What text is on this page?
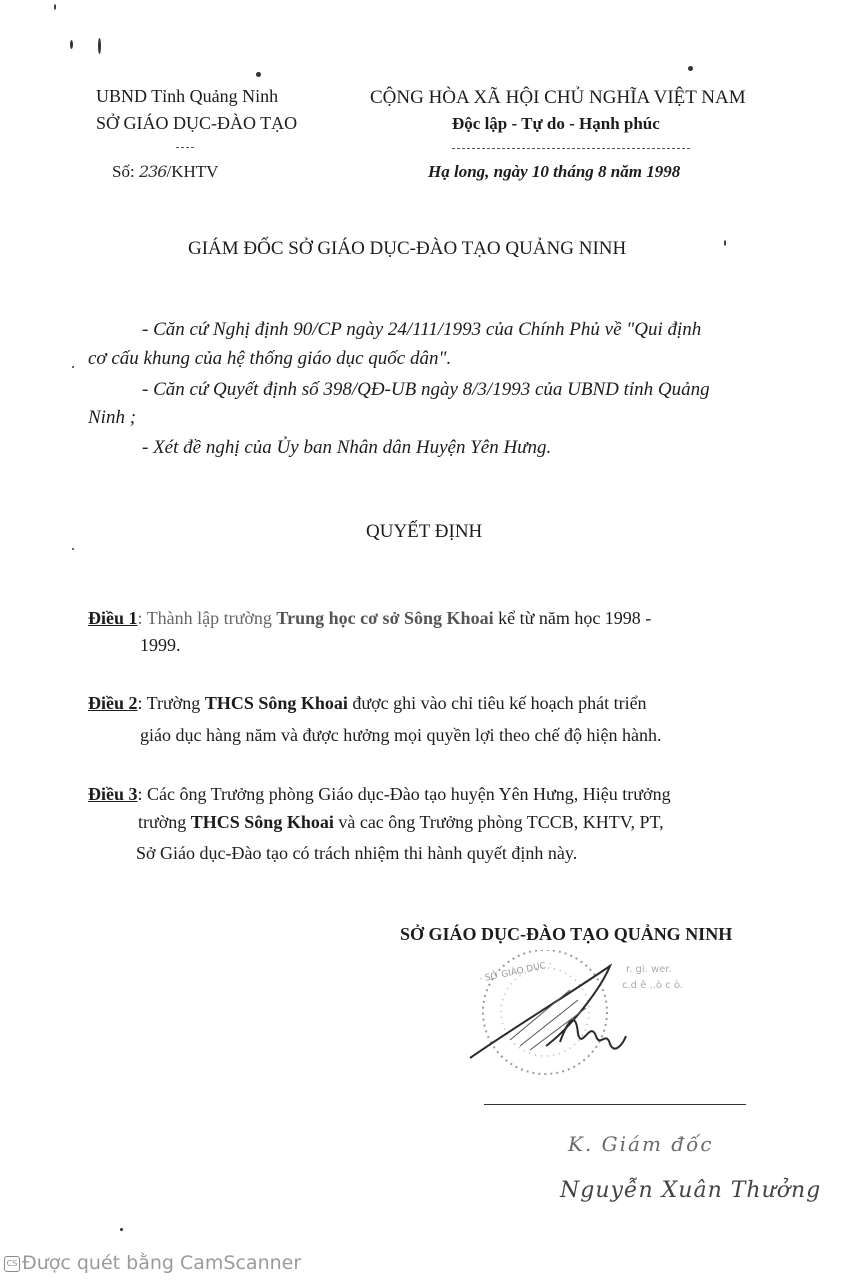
UBND Tỉnh Quảng Ninh
SỞ GIÁO DỤC-ĐÀO TẠO
Số: 236/KHTV
CỘNG HÒA XÃ HỘI CHỦ NGHĨA VIỆT NAM
Độc lập - Tự do - Hạnh phúc
Hạ long, ngày 10 tháng 8 năm 1998
GIÁM ĐỐC SỞ GIÁO DỤC-ĐÀO TẠO QUẢNG NINH
- Căn cứ Nghị định 90/CP ngày 24/111/1993 của Chính Phủ về "Qui định
cơ cấu khung của hệ thống giáo dục quốc dân".
- Căn cứ Quyết định số 398/QĐ-UB ngày 8/3/1993 của UBND tỉnh Quảng
Ninh ;
- Xét đề nghị của Ủy ban Nhân dân Huyện Yên Hưng.
QUYẾT ĐỊNH
Điều 1: Thành lập trường Trung học cơ sở Sông Khoai kể từ năm học 1998 -
1999.
Điều 2: Trường THCS Sông Khoai được ghi vào chỉ tiêu kế hoạch phát triển
giáo dục hàng năm và được hưởng mọi quyền lợi theo chế độ hiện hành.
Điều 3: Các ông Trưởng phòng Giáo dục-Đào tạo huyện Yên Hưng, Hiệu trưởng
trường THCS Sông Khoai và cac ông Trưởng phòng TCCB, KHTV, PT,
Sở Giáo dục-Đào tạo có trách nhiệm thi hành quyết định này.
SỞ GIÁO DỤC-ĐÀO TẠO QUẢNG NINH
· SỞ GIÁO DỤC ·	r. gi. wer.
c.d ê ..ò c ò.
K. Giám đốc
Nguyễn Xuân Thưởng
CS Được quét bằng CamScanner
